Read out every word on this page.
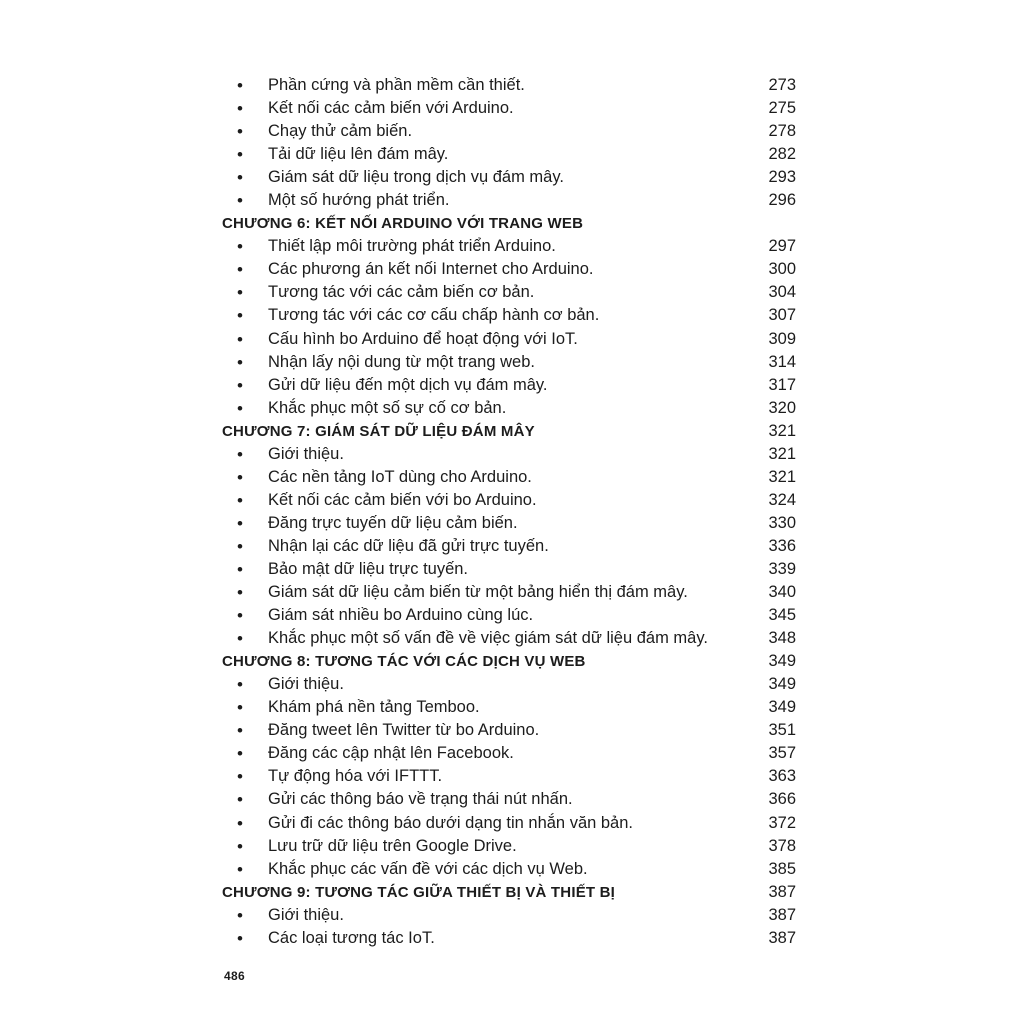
• Phần cứng và phần mềm cần thiết.	273
• Kết nối các cảm biến với Arduino.	275
• Chạy thử cảm biến.	278
• Tải dữ liệu lên đám mây.	282
• Giám sát dữ liệu trong dịch vụ đám mây.	293
• Một số hướng phát triển.	296
CHƯƠNG 6: KẾT NỐI ARDUINO VỚI TRANG WEB
• Thiết lập môi trường phát triển Arduino.	297
• Các phương án kết nối Internet cho Arduino.	300
• Tương tác với các cảm biến cơ bản.	304
• Tương tác với các cơ cấu chấp hành cơ bản.	307
• Cấu hình bo Arduino để hoạt động với IoT.	309
• Nhận lấy nội dung từ một trang web.	314
• Gửi dữ liệu đến một dịch vụ đám mây.	317
• Khắc phục một số sự cố cơ bản.	320
CHƯƠNG 7: GIÁM SÁT DỮ LIỆU ĐÁM MÂY	321
• Giới thiệu.	321
• Các nền tảng IoT dùng cho Arduino.	321
• Kết nối các cảm biến với bo Arduino.	324
• Đăng trực tuyến dữ liệu cảm biến.	330
• Nhận lại các dữ liệu đã gửi trực tuyến.	336
• Bảo mật dữ liệu trực tuyến.	339
• Giám sát dữ liệu cảm biến từ một bảng hiển thị đám mây.	340
• Giám sát nhiều bo Arduino cùng lúc.	345
• Khắc phục một số vấn đề về việc giám sát dữ liệu đám mây.	348
CHƯƠNG 8: TƯƠNG TÁC VỚI CÁC DỊCH VỤ WEB	349
• Giới thiệu.	349
• Khám phá nền tảng Temboo.	349
• Đăng tweet lên Twitter từ bo Arduino.	351
• Đăng các cập nhật lên Facebook.	357
• Tự động hóa với IFTTT.	363
• Gửi các thông báo về trạng thái nút nhấn.	366
• Gửi đi các thông báo dưới dạng tin nhắn văn bản.	372
• Lưu trữ dữ liệu trên Google Drive.	378
• Khắc phục các vấn đề với các dịch vụ Web.	385
CHƯƠNG 9: TƯƠNG TÁC GIỮA THIẾT BỊ VÀ THIẾT BỊ	387
• Giới thiệu.	387
• Các loại tương tác IoT.	387
486
